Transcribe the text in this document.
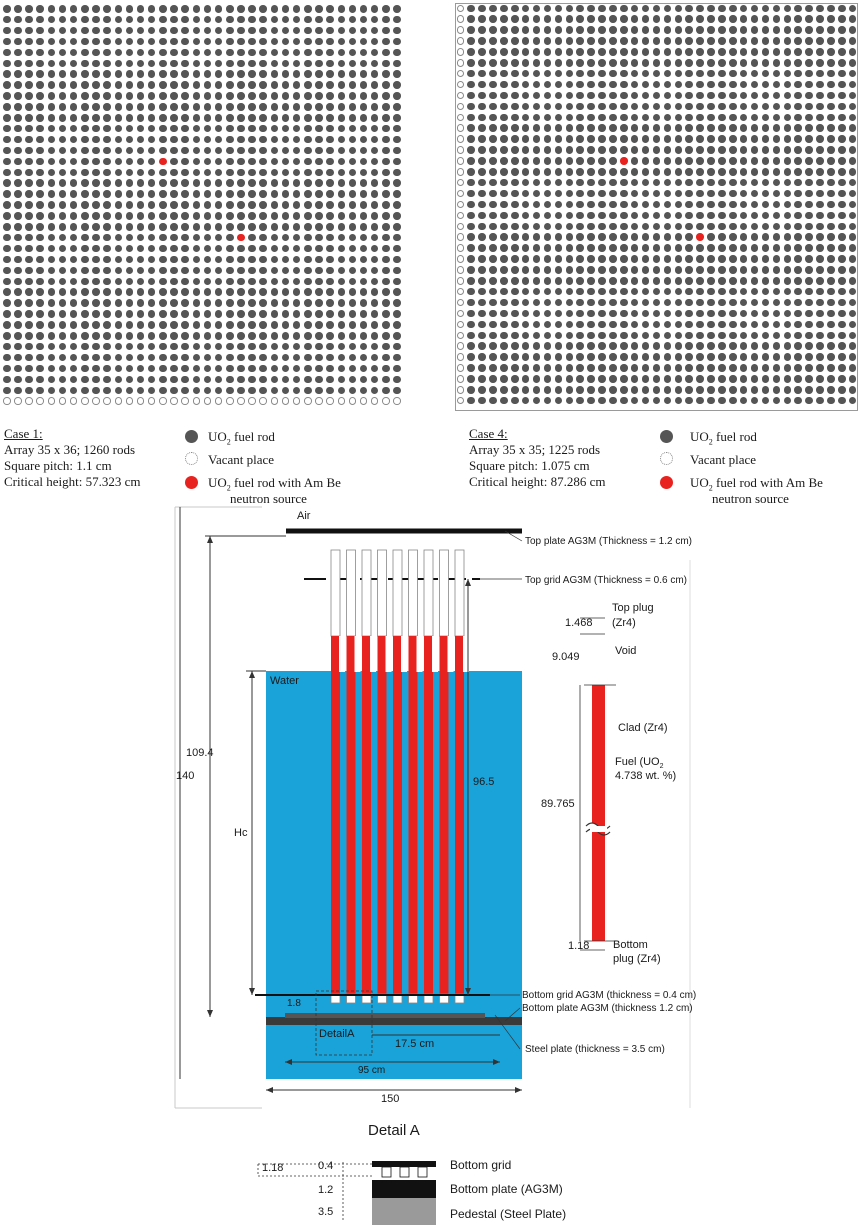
Case 1:
Array 35 x 36; 1260 rods
Square pitch: 1.1 cm
Critical height: 57.323 cm
$UO_2$ fuel rod
Vacant place
$UO_2$ fuel rod with Am Be
neutron source
Case 4:
Array 35 x 35; 1225 rods
Square pitch: 1.075 cm
Critical height: 87.286 cm
$UO_2$ fuel rod
Vacant place
$UO_2$ fuel rod with Am Be
neutron source
Air
Water
Top plate AG3M (Thickness = 1.2 cm)
Top grid AG3M (Thickness = 0.6 cm)
Bottom grid AG3M (thickness = 0.4 cm)
Bottom plate AG3M (thickness 1.2 cm)
Steel plate (thickness = 3.5 cm)
109.4
140	96.5
Hc
1.8
DetailA
17.5 cm
95 cm
150
1.468
Top plug
(Zr4)
9.049	Void
Clad (Zr4)
Fuel ($UO_2$
4.738 wt. %)
89.765
1.18 Bottom
plug (Zr4)
Detail A
1.18	0.4
1.2
3.5
Bottom grid
Bottom plate (AG3M)
Pedestal (Steel Plate)
